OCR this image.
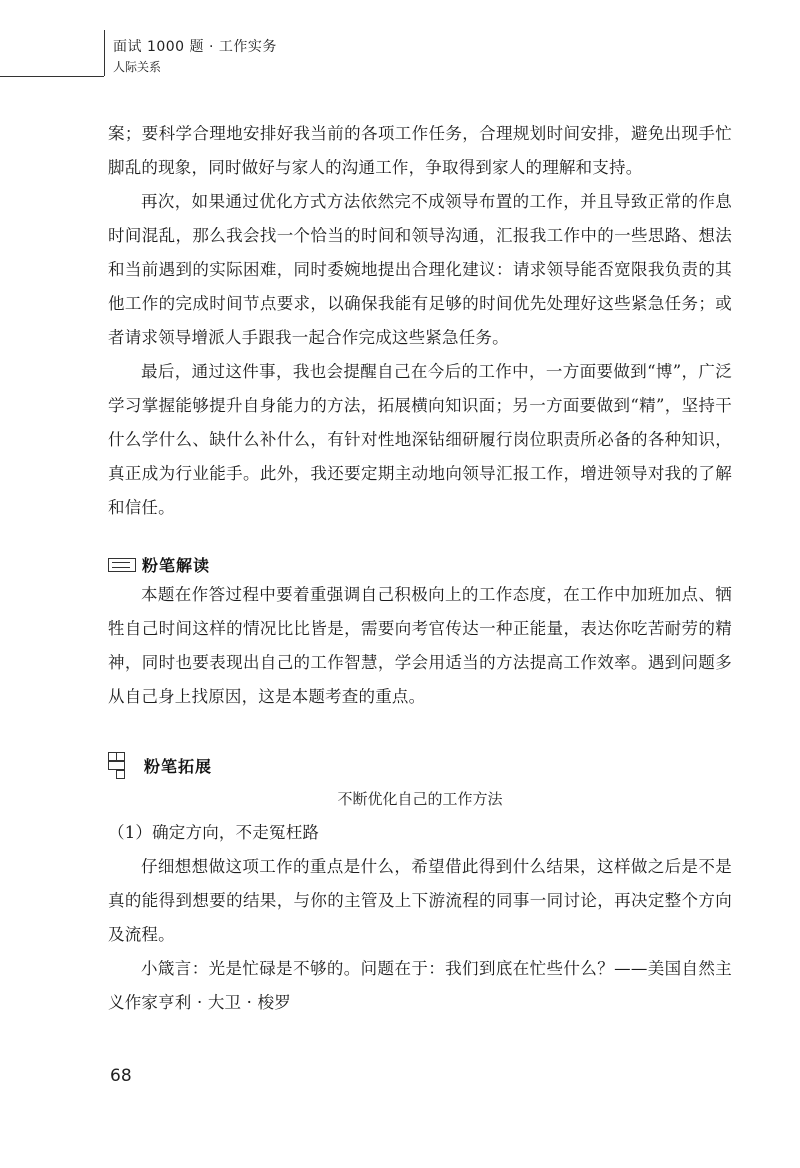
面试 1000 题 · 工作实务
人际关系

案；要科学合理地安排好我当前的各项工作任务，合理规划时间安排，避免出现手忙脚乱的现象，同时做好与家人的沟通工作，争取得到家人的理解和支持。

再次，如果通过优化方式方法依然完不成领导布置的工作，并且导致正常的作息时间混乱，那么我会找一个恰当的时间和领导沟通，汇报我工作中的一些思路、想法和当前遇到的实际困难，同时委婉地提出合理化建议：请求领导能否宽限我负责的其他工作的完成时间节点要求，以确保我能有足够的时间优先处理好这些紧急任务；或者请求领导增派人手跟我一起合作完成这些紧急任务。

最后，通过这件事，我也会提醒自己在今后的工作中，一方面要做到“博”，广泛学习掌握能够提升自身能力的方法，拓展横向知识面；另一方面要做到“精”，坚持干什么学什么、缺什么补什么，有针对性地深钻细研履行岗位职责所必备的各种知识，真正成为行业能手。此外，我还要定期主动地向领导汇报工作，增进领导对我的了解和信任。

粉笔解读

本题在作答过程中要着重强调自己积极向上的工作态度，在工作中加班加点、牺牲自己时间这样的情况比比皆是，需要向考官传达一种正能量，表达你吃苦耐劳的精神，同时也要表现出自己的工作智慧，学会用适当的方法提高工作效率。遇到问题多从自己身上找原因，这是本题考查的重点。

粉笔拓展
不断优化自己的工作方法

（1）确定方向，不走冤枉路

仔细想想做这项工作的重点是什么，希望借此得到什么结果，这样做之后是不是真的能得到想要的结果，与你的主管及上下游流程的同事一同讨论，再决定整个方向及流程。

小箴言：光是忙碌是不够的。问题在于：我们到底在忙些什么？——美国自然主义作家亨利 · 大卫 · 梭罗

68
